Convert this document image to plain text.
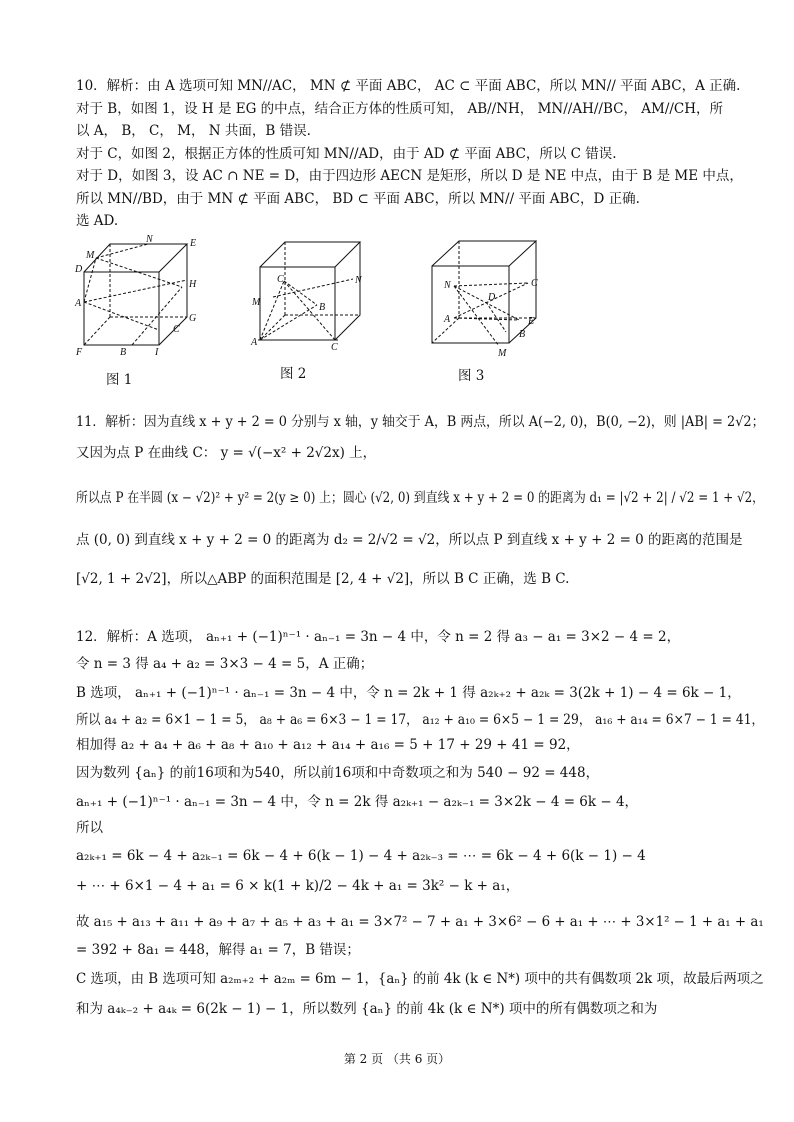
10．解析：由 A 选项可知 MN//AC， MN ⊄ 平面 ABC， AC ⊂ 平面 ABC，所以 MN// 平面 ABC，A 正确.
对于 B，如图 1，设 H 是 EG 的中点，结合正方体的性质可知， AB//NH， MN//AH//BC， AM//CH，所
以 A， B， C， M， N 共面，B 错误.
对于 C，如图 2，根据正方体的性质可知 MN//AD，由于 AD ⊄ 平面 ABC，所以 C 错误.
对于 D，如图 3，设 AC ∩ NE = D，由于四边形 AECN 是矩形，所以 D 是 NE 中点，由于 B 是 ME 中点，
所以 MN//BD，由于 MN ⊄ 平面 ABC， BD ⊂ 平面 ABC，所以 MN// 平面 ABC，D 正确.
选 AD.
N	E
M
D
H
A
G
C
F	B	I
图 1
C	N
M	B
A	C
图 2
N	C
D
A	E
B
M
图 3
11．解析：因为直线 x + y + 2 = 0 分别与 x 轴，y 轴交于 A，B 两点，所以 A(−2, 0)，B(0, −2)，则 |AB| = 2√2；
又因为点 P 在曲线 C： y = √(−x² + 2√2x) 上，
所以点 P 在半圆 (x − √2)² + y² = 2(y ≥ 0) 上；圆心 (√2, 0) 到直线 x + y + 2 = 0 的距离为 d₁ = |√2 + 2| / √2 = 1 + √2，
点 (0, 0) 到直线 x + y + 2 = 0 的距离为 d₂ = 2/√2 = √2，所以点 P 到直线 x + y + 2 = 0 的距离的范围是
[√2, 1 + 2√2]，所以△ABP 的面积范围是 [2, 4 + √2]，所以 B C 正确，选 B C.
12．解析：A 选项， aₙ₊₁ + (−1)ⁿ⁻¹ · aₙ₋₁ = 3n − 4 中，令 n = 2 得 a₃ − a₁ = 3×2 − 4 = 2，
令 n = 3 得 a₄ + a₂ = 3×3 − 4 = 5，A 正确；
B 选项， aₙ₊₁ + (−1)ⁿ⁻¹ · aₙ₋₁ = 3n − 4 中，令 n = 2k + 1 得 a₂ₖ₊₂ + a₂ₖ = 3(2k + 1) − 4 = 6k − 1，
所以 a₄ + a₂ = 6×1 − 1 = 5， a₈ + a₆ = 6×3 − 1 = 17， a₁₂ + a₁₀ = 6×5 − 1 = 29， a₁₆ + a₁₄ = 6×7 − 1 = 41，
相加得 a₂ + a₄ + a₆ + a₈ + a₁₀ + a₁₂ + a₁₄ + a₁₆ = 5 + 17 + 29 + 41 = 92，
因为数列 {aₙ} 的前16项和为540，所以前16项和中奇数项之和为 540 − 92 = 448，
aₙ₊₁ + (−1)ⁿ⁻¹ · aₙ₋₁ = 3n − 4 中，令 n = 2k 得 a₂ₖ₊₁ − a₂ₖ₋₁ = 3×2k − 4 = 6k − 4，
所以
a₂ₖ₊₁ = 6k − 4 + a₂ₖ₋₁ = 6k − 4 + 6(k − 1) − 4 + a₂ₖ₋₃ = ⋯ = 6k − 4 + 6(k − 1) − 4
+ ⋯ + 6×1 − 4 + a₁ = 6 × k(1 + k)/2 − 4k + a₁ = 3k² − k + a₁，
故 a₁₅ + a₁₃ + a₁₁ + a₉ + a₇ + a₅ + a₃ + a₁ = 3×7² − 7 + a₁ + 3×6² − 6 + a₁ + ⋯ + 3×1² − 1 + a₁ + a₁
= 392 + 8a₁ = 448，解得 a₁ = 7，B 错误；
C 选项，由 B 选项可知 a₂ₘ₊₂ + a₂ₘ = 6m − 1，{aₙ} 的前 4k (k ∈ N*) 项中的共有偶数项 2k 项，故最后两项之
和为 a₄ₖ₋₂ + a₄ₖ = 6(2k − 1) − 1，所以数列 {aₙ} 的前 4k (k ∈ N*) 项中的所有偶数项之和为
第 2 页 （共 6 页）
